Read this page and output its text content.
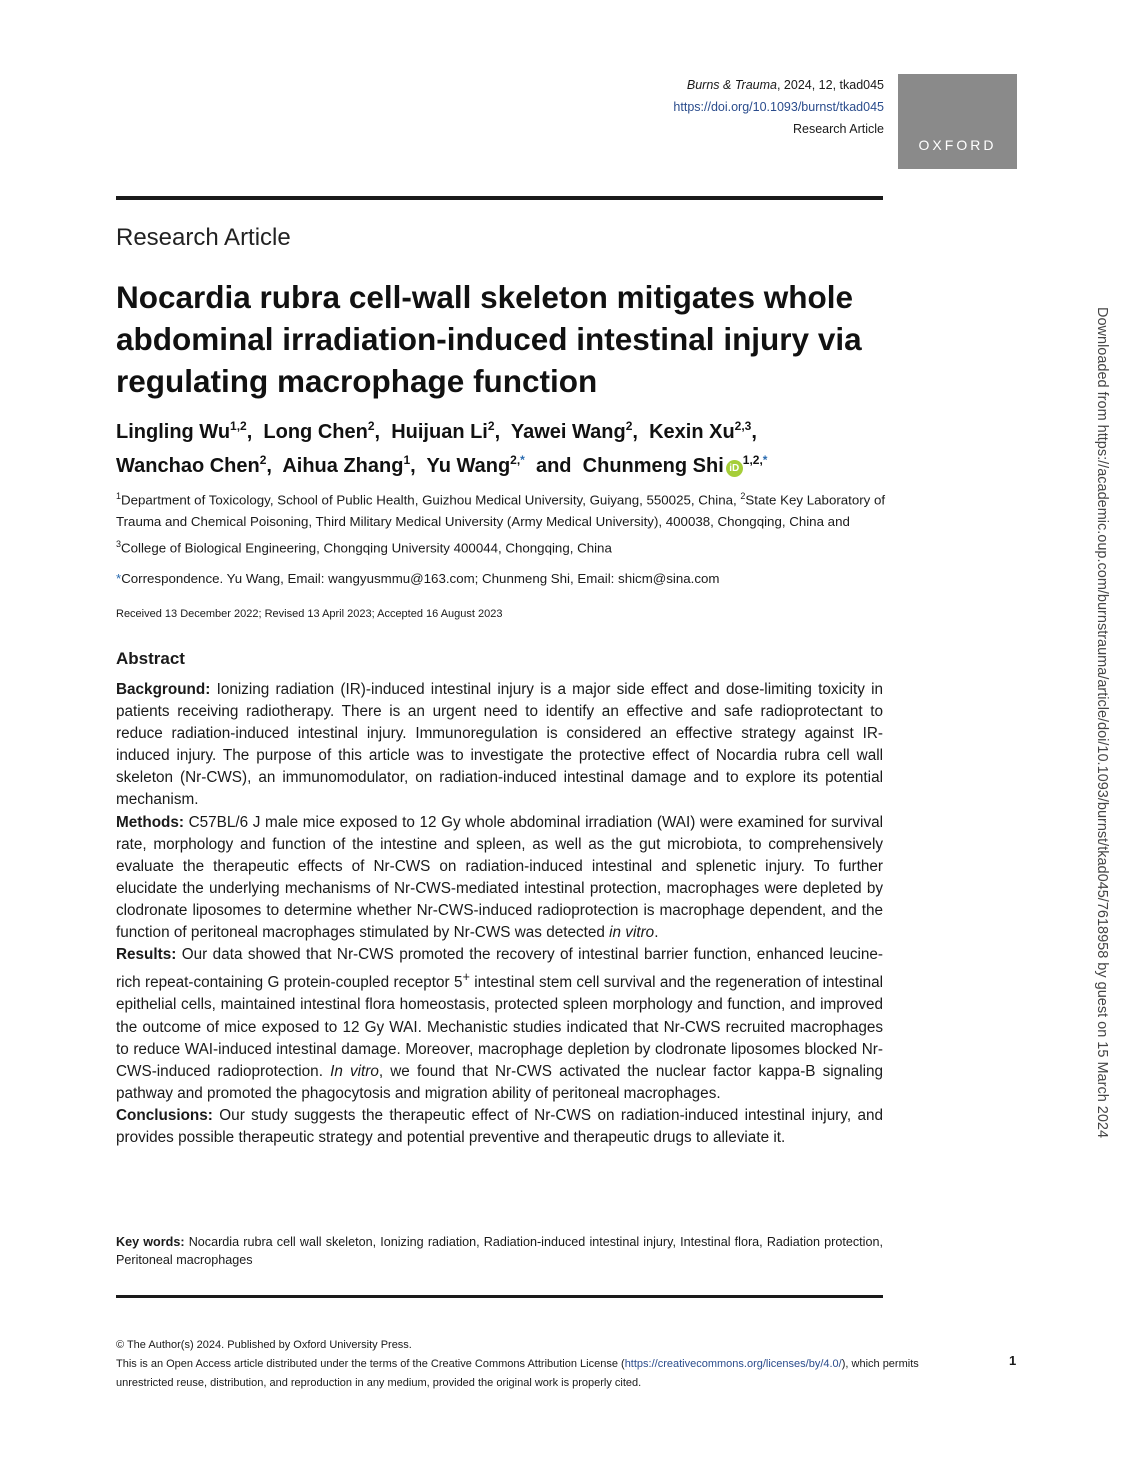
Burns & Trauma, 2024, 12, tkad045
https://doi.org/10.1093/burnst/tkad045
Research Article
OXFORD
Research Article
Nocardia rubra cell-wall skeleton mitigates whole abdominal irradiation-induced intestinal injury via regulating macrophage function
Lingling Wu$^{1,2}$,  Long Chen$^2$,  Huijuan Li$^2$,  Yawei Wang$^2$,  Kexin Xu$^{2,3}$,
Wanchao Chen$^2$,  Aihua Zhang$^1$,  Yu Wang$^{2,*}$ and Chunmeng Shi $iD^{1,2,*}$
$^1$Department of Toxicology, School of Public Health, Guizhou Medical University, Guiyang, 550025, China, $^2$State Key Laboratory of Trauma and Chemical Poisoning, Third Military Medical University (Army Medical University), 400038, Chongqing, China and $^3$College of Biological Engineering, Chongqing University 400044, Chongqing, China
*Correspondence. Yu Wang, Email: wangyusmmu@163.com; Chunmeng Shi, Email: shicm@sina.com
Received 13 December 2022; Revised 13 April 2023; Accepted 16 August 2023
Abstract

Background: Ionizing radiation (IR)-induced intestinal injury is a major side effect and dose-limiting toxicity in patients receiving radiotherapy. There is an urgent need to identify an effective and safe radioprotectant to reduce radiation-induced intestinal injury. Immunoregulation is considered an effective strategy against IR-induced injury. The purpose of this article was to investigate the protective effect of Nocardia rubra cell wall skeleton (Nr-CWS), an immunomodulator, on radiation-induced intestinal damage and to explore its potential mechanism.

Methods: C57BL/6 J male mice exposed to 12 Gy whole abdominal irradiation (WAI) were examined for survival rate, morphology and function of the intestine and spleen, as well as the gut microbiota, to comprehensively evaluate the therapeutic effects of Nr-CWS on radiation-induced intestinal and splenetic injury. To further elucidate the underlying mechanisms of Nr-CWS-mediated intestinal protection, macrophages were depleted by clodronate liposomes to determine whether Nr-CWS-induced radioprotection is macrophage dependent, and the function of peritoneal macrophages stimulated by Nr-CWS was detected in vitro.

Results: Our data showed that Nr-CWS promoted the recovery of intestinal barrier function, enhanced leucine-rich repeat-containing G protein-coupled receptor 5+ intestinal stem cell survival and the regeneration of intestinal epithelial cells, maintained intestinal flora homeostasis, protected spleen morphology and function, and improved the outcome of mice exposed to 12 Gy WAI. Mechanistic studies indicated that Nr-CWS recruited macrophages to reduce WAI-induced intestinal damage. Moreover, macrophage depletion by clodronate liposomes blocked Nr-CWS-induced radioprotection. In vitro, we found that Nr-CWS activated the nuclear factor kappa-B signaling pathway and promoted the phagocytosis and migration ability of peritoneal macrophages.

Conclusions: Our study suggests the therapeutic effect of Nr-CWS on radiation-induced intestinal injury, and provides possible therapeutic strategy and potential preventive and therapeutic drugs to alleviate it.

Key words: Nocardia rubra cell wall skeleton, Ionizing radiation, Radiation-induced intestinal injury, Intestinal flora, Radiation protection, Peritoneal macrophages
© The Author(s) 2024. Published by Oxford University Press.
This is an Open Access article distributed under the terms of the Creative Commons Attribution License (https://creativecommons.org/licenses/by/4.0/), which permits
unrestricted reuse, distribution, and reproduction in any medium, provided the original work is properly cited.
1
Downloaded from https://academic.oup.com/burnstrauma/article/doi/10.1093/burnst/tkad045/7618958 by guest on 15 March 2024
